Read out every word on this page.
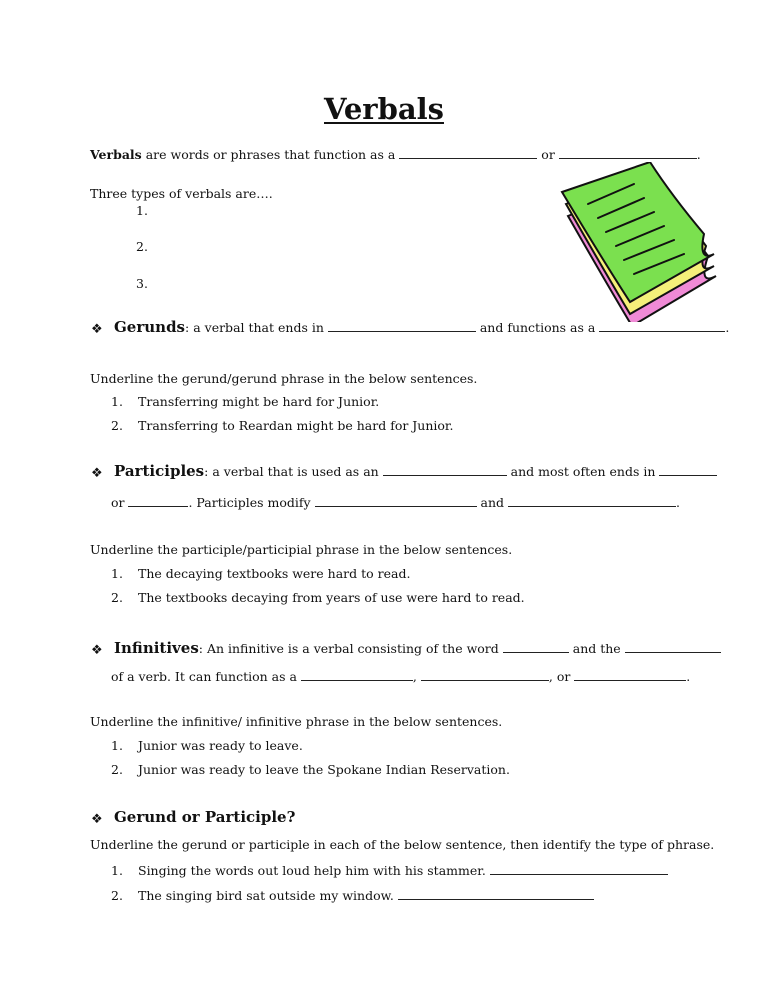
Verbals
Verbals are words or phrases that function as a	or	.
Three types of verbals are….
1.
2.
3.
❖ Gerunds: a verbal that ends in	and functions as a	.
Underline the gerund/gerund phrase in the below sentences.
1. Transferring might be hard for Junior.
2. Transferring to Reardan might be hard for Junior.
❖ Participles: a verbal that is used as an	and most often ends in
or	. Participles modify	and	.
Underline the participle/participial phrase in the below sentences.
1. The decaying textbooks were hard to read.
2. The textbooks decaying from years of use were hard to read.
❖ Infinitives: An infinitive is a verbal consisting of the word	and the
of a verb. It can function as a	,	, or	.
Underline the infinitive/ infinitive phrase in the below sentences.
1. Junior was ready to leave.
2. Junior was ready to leave the Spokane Indian Reservation.
❖ Gerund or Participle?
Underline the gerund or participle in each of the below sentence, then identify the type of phrase.
1. Singing the words out loud help him with his stammer.
2. The singing bird sat outside my window.
